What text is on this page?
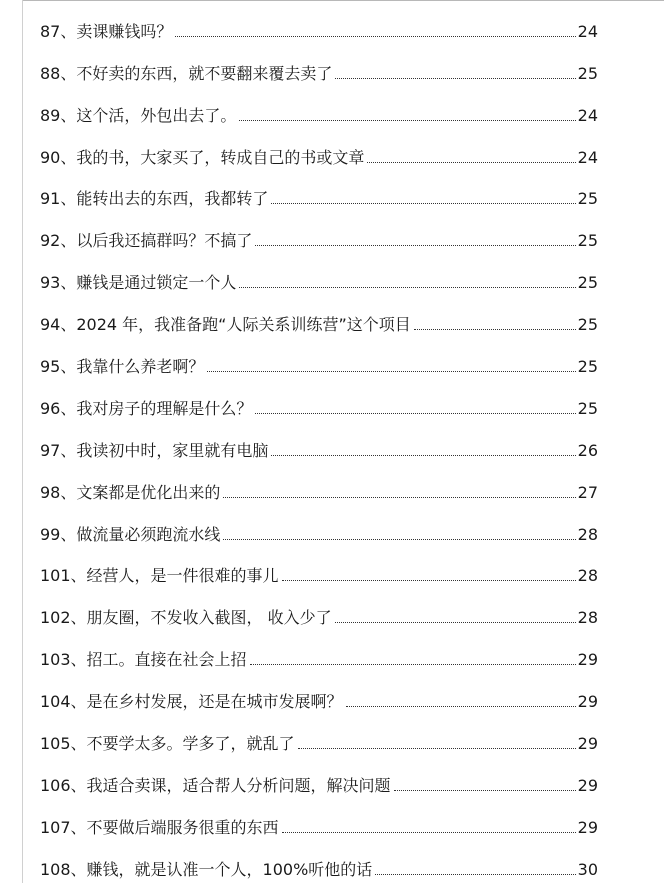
87、 卖课赚钱吗？	24
88、 不好卖的东西，就不要翻来覆去卖了	25
89、 这个活，外包出去了。	24
90、 我的书，大家买了，转成自己的书或文章	24
91、 能转出去的东西，我都转了	25
92、 以后我还搞群吗？不搞了	25
93、 赚钱是通过锁定一个人	25
94、 2024 年，我准备跑“人际关系训练营”这个项目	25
95、 我靠什么养老啊？	25
96、 我对房子的理解是什么？	25
97、 我读初中时，家里就有电脑	26
98、 文案都是优化出来的	27
99、 做流量必须跑流水线	28
101、 经营人，是一件很难的事儿	28
102、 朋友圈，不发收入截图， 收入少了	28
103、 招工。直接在社会上招	29
104、 是在乡村发展，还是在城市发展啊？	29
105、 不要学太多。学多了，就乱了	29
106、 我适合卖课，适合帮人分析问题，解决问题	29
107、 不要做后端服务很重的东西	29
108、 赚钱，就是认准一个人，100%听他的话	30
